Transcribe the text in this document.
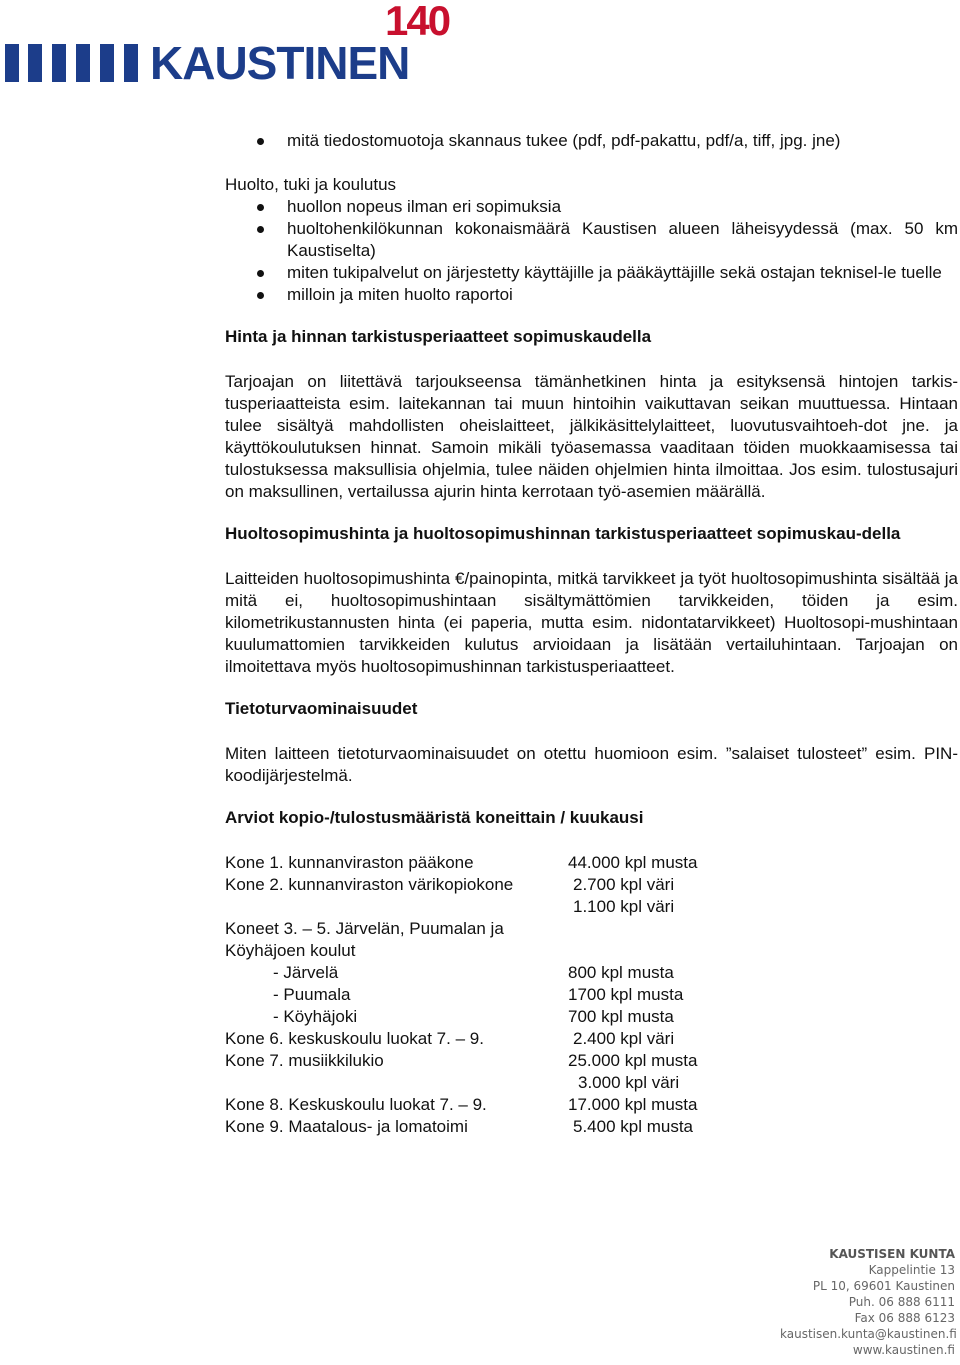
KAUSTINEN
140
mitä tiedostomuotoja skannaus tukee (pdf, pdf-pakattu, pdf/a, tiff, jpg. jne)

Huolto, tuki ja koulutus

huollon nopeus ilman eri sopimuksia
huoltohenkilökunnan kokonaismäärä Kaustisen alueen läheisyydessä (max. 50 km Kaustiselta)
miten tukipalvelut on järjestetty käyttäjille ja pääkäyttäjille sekä ostajan teknisel-le tuelle
milloin ja miten huolto raportoi
Hinta ja hinnan tarkistusperiaatteet sopimuskaudella

Tarjoajan on liitettävä tarjoukseensa tämänhetkinen hinta ja esityksensä hintojen tarkis-tusperiaatteista esim. laitekannan tai muun hintoihin vaikuttavan seikan muuttuessa. Hintaan tulee sisältyä mahdollisten oheislaitteet, jälkikäsittelylaitteet, luovutusvaihtoeh-dot jne. ja käyttökoulutuksen hinnat. Samoin mikäli työasemassa vaaditaan töiden muokkaamisessa tai tulostuksessa maksullisia ohjelmia, tulee näiden ohjelmien hinta ilmoittaa. Jos esim. tulostusajuri on maksullinen, vertailussa ajurin hinta kerrotaan työ-asemien määrällä.

Huoltosopimushinta ja huoltosopimushinnan tarkistusperiaatteet sopimuskau-della

Laitteiden huoltosopimushinta €/painopinta, mitkä tarvikkeet ja työt huoltosopimushinta sisältää ja mitä ei, huoltosopimushintaan sisältymättömien tarvikkeiden, töiden ja esim. kilometrikustannusten hinta (ei paperia, mutta esim. nidontatarvikkeet) Huoltosopi-mushintaan kuulumattomien tarvikkeiden kulutus arvioidaan ja lisätään vertailuhintaan. Tarjoajan on ilmoitettava myös huoltosopimushinnan tarkistusperiaatteet.

Tietoturvaominaisuudet

Miten laitteen tietoturvaominaisuudet on otettu huomioon esim. ”salaiset tulosteet” esim. PIN-koodijärjestelmä.

Arviot kopio-/tulostusmääristä koneittain / kuukausi
Kone 1. kunnanviraston pääkone	44.000 kpl musta
Kone 2. kunnanviraston värikopiokone	2.700 kpl väri
1.100 kpl väri
Koneet 3. – 5. Järvelän, Puumalan ja
Köyhäjoen koulut
- Järvelä	800 kpl musta
- Puumala	1700 kpl musta
- Köyhäjoki	700 kpl musta
Kone 6. keskuskoulu luokat 7. – 9.	2.400 kpl väri
Kone 7. musiikkilukio	25.000 kpl musta
3.000 kpl väri
Kone 8. Keskuskoulu luokat 7. – 9.	17.000 kpl musta
Kone 9. Maatalous- ja lomatoimi	5.400 kpl musta
KAUSTISEN KUNTA
Kappelintie 13
PL 10, 69601 Kaustinen
Puh. 06 888 6111
Fax 06 888 6123
kaustisen.kunta@kaustinen.fi
www.kaustinen.fi
